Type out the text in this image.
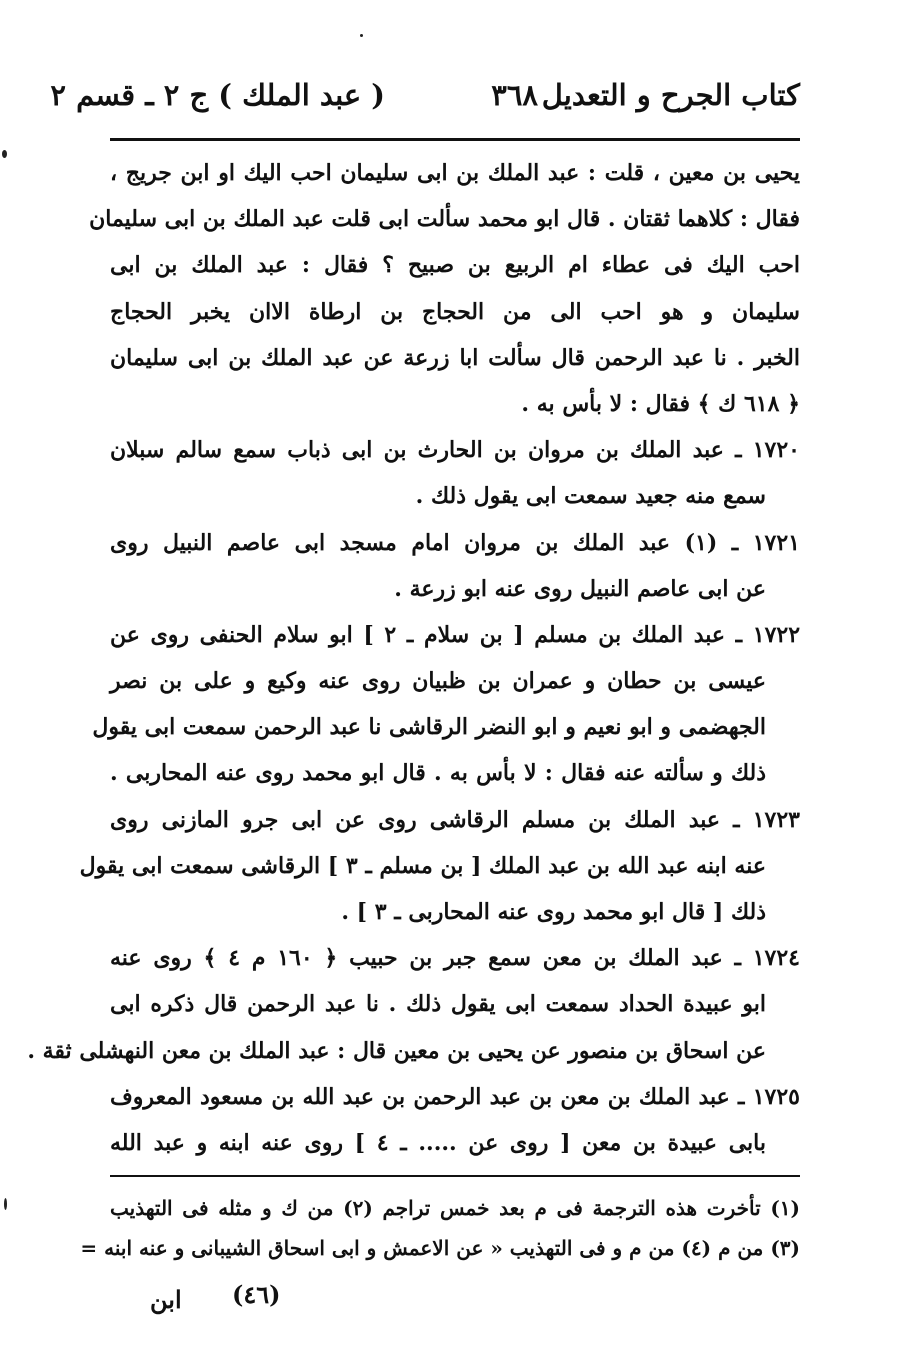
كتاب الجرح و التعديل
٣٦٨
( عبد الملك ) ج ٢ ـ قسم ٢
يحيى بن معين ، قلت : عبد الملك بن ابى سليمان احب اليك او ابن جريج ،
فقال : كلاهما ثقتان . قال ابو محمد سألت ابى قلت عبد الملك بن ابى سليمان
احب اليك فى عطاء ام الربيع بن صبيح ؟ فقال : عبد الملك بن ابى
سليمان و هو احب الى من الحجاج بن ارطاة الاان يخبر الحجاج
الخبر . نا عبد الرحمن قال سألت ابا زرعة عن عبد الملك بن ابى سليمان
﴿ ٦١٨ ك ﴾ فقال : لا بأس به .
١٧٢٠ ـ عبد الملك بن مروان بن الحارث بن ابى ذباب سمع سالم سبلان
سمع منه جعيد سمعت ابى يقول ذلك .
١٧٢١ ـ (١) عبد الملك بن مروان امام مسجد ابى عاصم النبيل روى
عن ابى عاصم النبيل روى عنه ابو زرعة .
١٧٢٢ ـ عبد الملك بن مسلم [ بن سلام ـ ٢ ] ابو سلام الحنفى روى عن
عيسى بن حطان و عمران بن ظبيان روى عنه وكيع و على بن نصر
الجهضمى و ابو نعيم و ابو النضر الرقاشى نا عبد الرحمن سمعت ابى يقول
ذلك و سألته عنه فقال : لا بأس به . قال ابو محمد روى عنه المحاربى .
١٧٢٣ ـ عبد الملك بن مسلم الرقاشى روى عن ابى جرو المازنى روى
عنه ابنه عبد الله بن عبد الملك [ بن مسلم ـ ٣ ] الرقاشى سمعت ابى يقول
ذلك [ قال ابو محمد روى عنه المحاربى ـ ٣ ] .
١٧٢٤ ـ عبد الملك بن معن سمع جبر بن حبيب ﴿ ١٦٠ م ٤ ﴾ روى عنه
ابو عبيدة الحداد سمعت ابى يقول ذلك . نا عبد الرحمن قال ذكره ابى
عن اسحاق بن منصور عن يحيى بن معين قال : عبد الملك بن معن النهشلى ثقة .
١٧٢٥ ـ عبد الملك بن معن بن عبد الرحمن بن عبد الله بن مسعود المعروف
بابى عبيدة بن معن [ روى عن ..... ـ ٤ ] روى عنه ابنه و عبد الله
(١) تأخرت هذه الترجمة فى م بعد خمس تراجم (٢) من ك و مثله فى التهذيب
(٣) من م (٤) من م و فى التهذيب « عن الاعمش و ابى اسحاق الشيبانى و عنه ابنه =
(٤٦)
ابن
